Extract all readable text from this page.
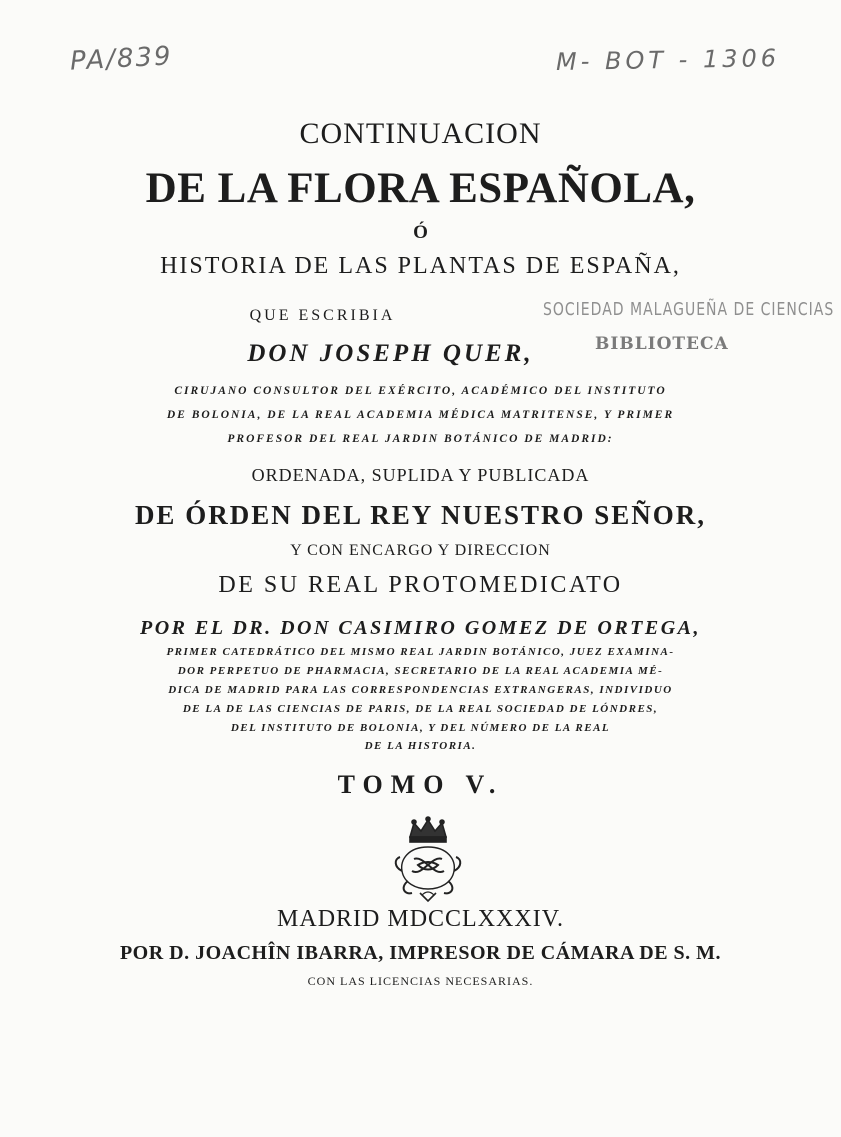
PA/839	M- BOT - 1306
SOCIEDAD MALAGUEÑA DE CIENCIAS
BIBLIOTECA
CONTINUACION
DE LA FLORA ESPAÑOLA,
Ó
HISTORIA DE LAS PLANTAS DE ESPAÑA,
QUE ESCRIBIA
DON JOSEPH QUER,
CIRUJANO CONSULTOR DEL EXÉRCITO, ACADÉMICO DEL INSTITUTO
DE BOLONIA, DE LA REAL ACADEMIA MÉDICA MATRITENSE, Y PRIMER
PROFESOR DEL REAL JARDIN BOTÁNICO DE MADRID:
ORDENADA, SUPLIDA Y PUBLICADA
DE ÓRDEN DEL REY NUESTRO SEÑOR,
Y CON ENCARGO Y DIRECCION
DE SU REAL PROTOMEDICATO
POR EL DR. DON CASIMIRO GOMEZ DE ORTEGA,
PRIMER CATEDRÁTICO DEL MISMO REAL JARDIN BOTÁNICO, JUEZ EXAMINA-
DOR PERPETUO DE PHARMACIA, SECRETARIO DE LA REAL ACADEMIA MÉ-
DICA DE MADRID PARA LAS CORRESPONDENCIAS EXTRANGERAS, INDIVIDUO
DE LA DE LAS CIENCIAS DE PARIS, DE LA REAL SOCIEDAD DE LÓNDRES,
DEL INSTITUTO DE BOLONIA, Y DEL NÚMERO DE LA REAL
DE LA HISTORIA.
TOMO V.
MADRID MDCCLXXXIV.
POR D. JOACHÎN IBARRA, IMPRESOR DE CÁMARA DE S. M.
CON LAS LICENCIAS NECESARIAS.
